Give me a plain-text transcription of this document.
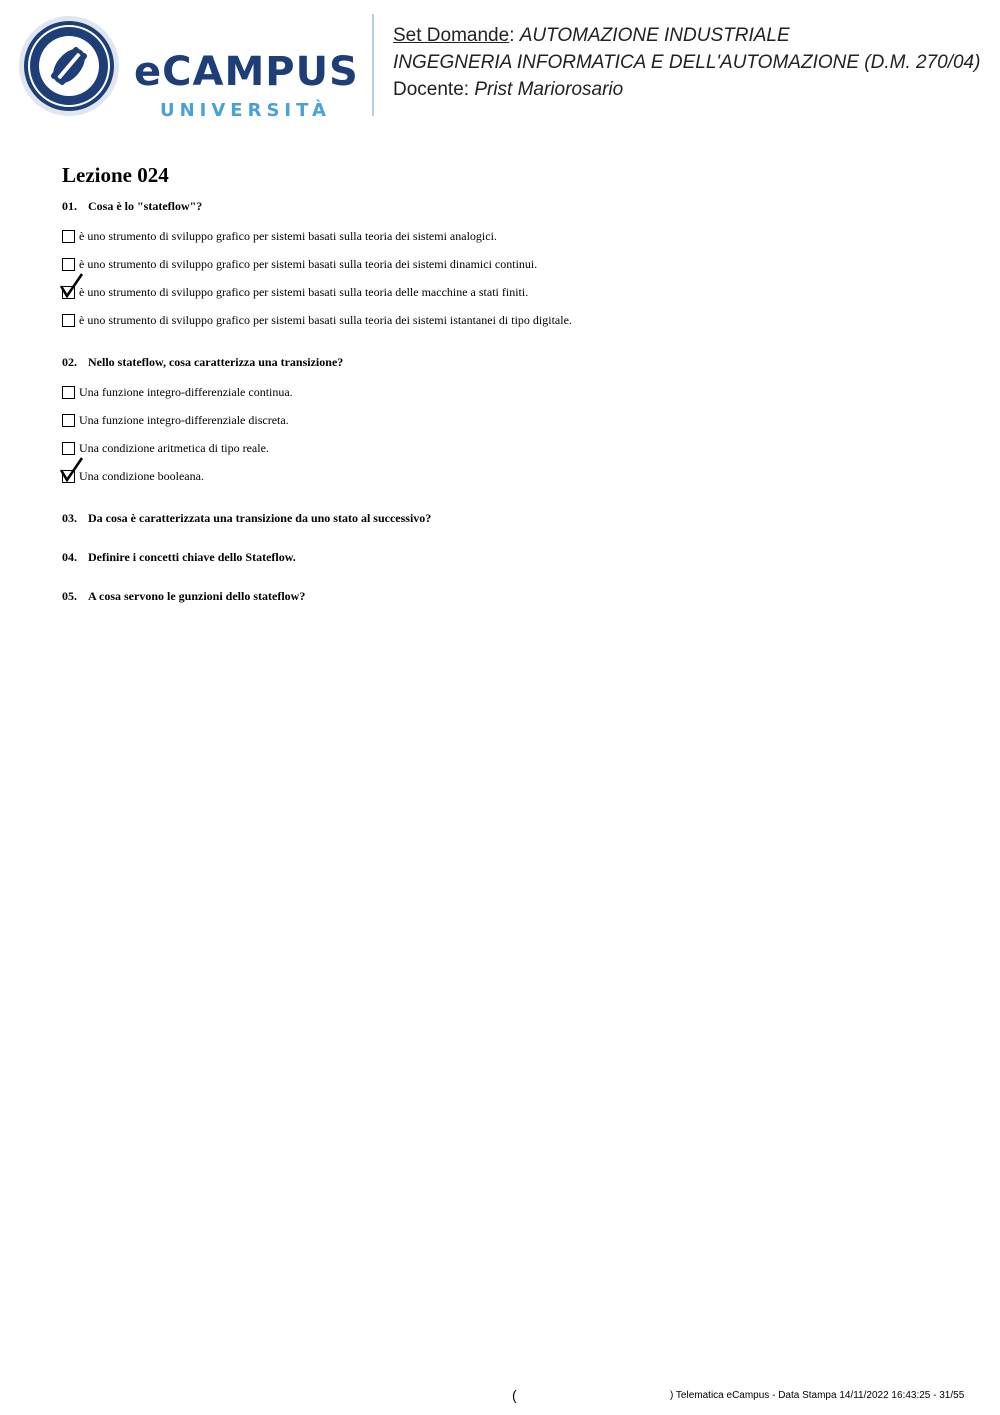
eCAMPUS
UNIVERSITÀ
Set Domande: AUTOMAZIONE INDUSTRIALE
INGEGNERIA INFORMATICA E DELL'AUTOMAZIONE (D.M. 270/04)
Docente: Prist Mariorosario
Lezione 024
01. Cosa è lo "stateflow"?
è uno strumento di sviluppo grafico per sistemi basati sulla teoria dei sistemi analogici.
è uno strumento di sviluppo grafico per sistemi basati sulla teoria dei sistemi dinamici continui.
è uno strumento di sviluppo grafico per sistemi basati sulla teoria delle macchine a stati finiti.
è uno strumento di sviluppo grafico per sistemi basati sulla teoria dei sistemi istantanei di tipo digitale.
02. Nello stateflow, cosa caratterizza una transizione?
Una funzione integro-differenziale continua.
Una funzione integro-differenziale discreta.
Una condizione aritmetica di tipo reale.
Una condizione booleana.
03. Da cosa è caratterizzata una transizione da uno stato al successivo?
04. Definire i concetti chiave dello Stateflow.
05. A cosa servono le gunzioni dello stateflow?
(	) Telematica eCampus - Data Stampa 14/11/2022 16:43:25 - 31/55
